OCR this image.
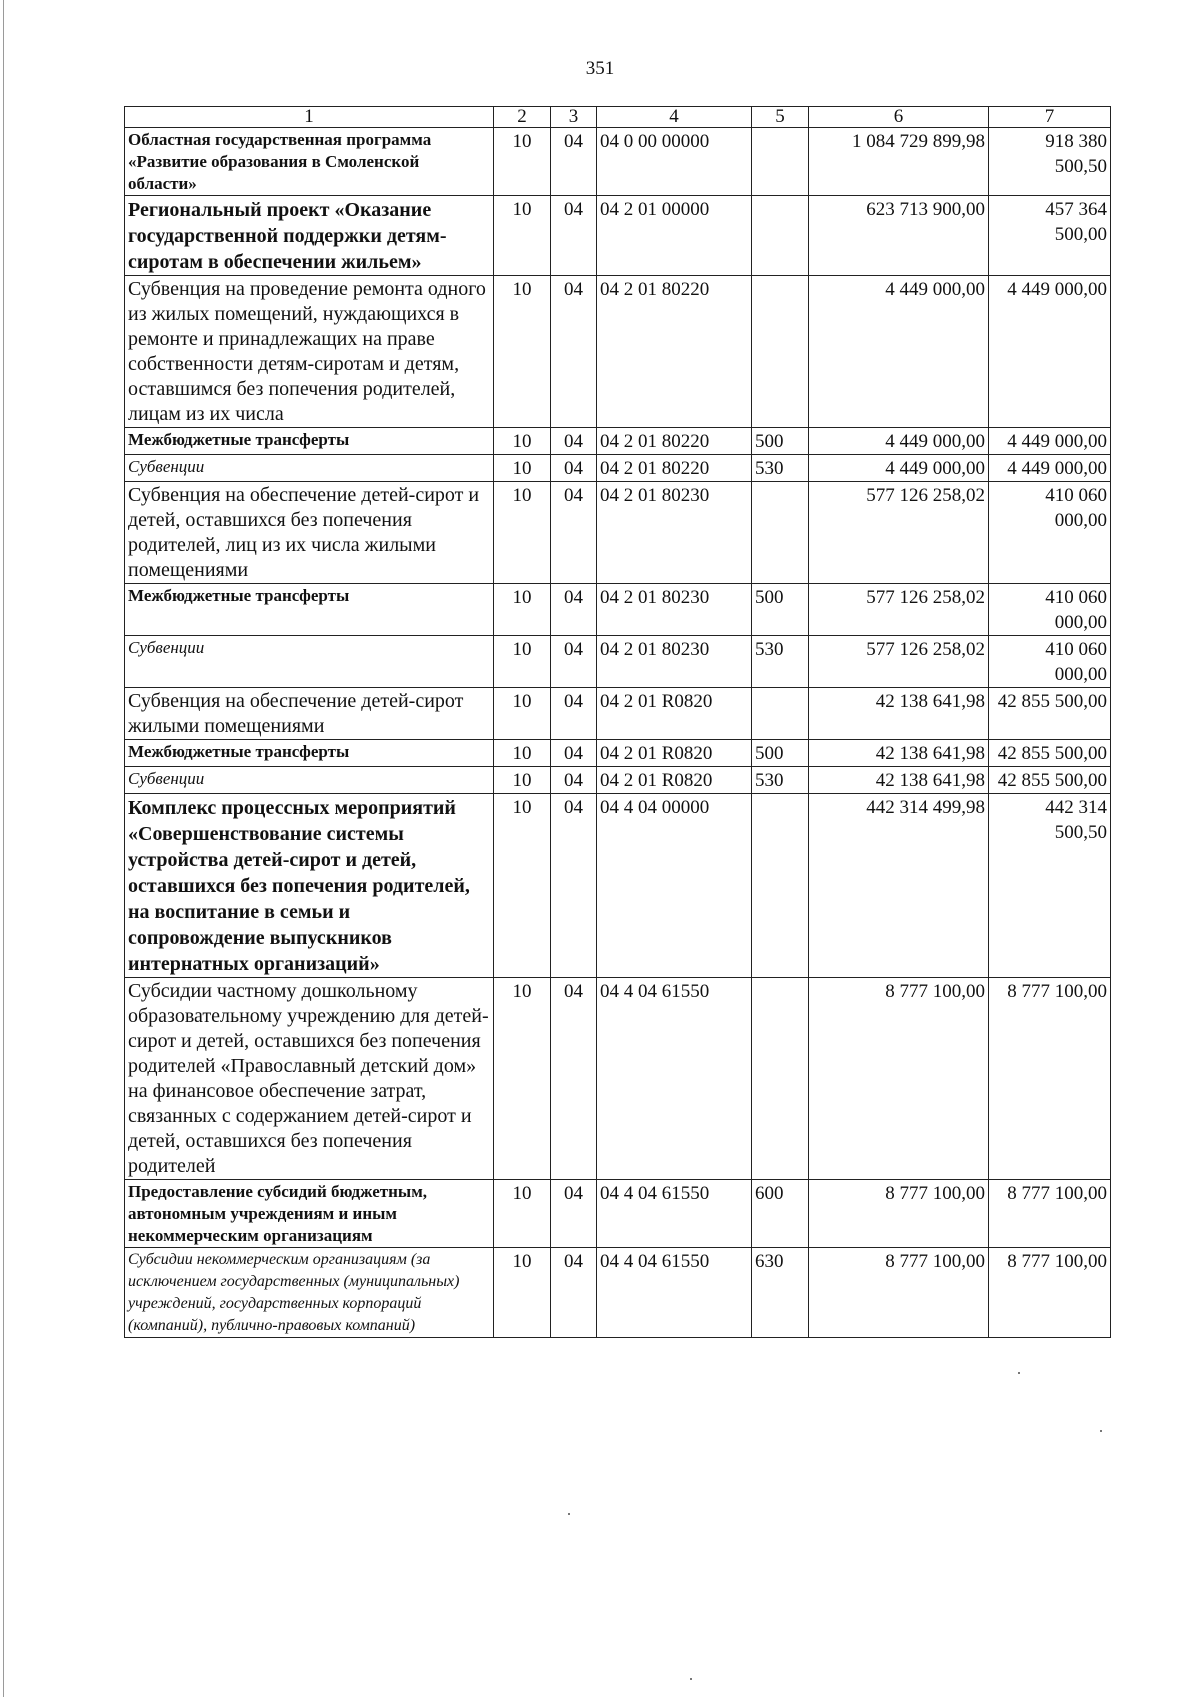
351
1	2	3	4	5	6	7
Областная государственная программа «Развитие образования в Смоленской области»	10	04	04 0 00 00000		1 084 729 899,98	918 380 500,50
Региональный проект «Оказание государственной поддержки детям-сиротам в обеспечении жильем»	10	04	04 2 01 00000		623 713 900,00	457 364 500,00
Субвенция на проведение ремонта одного из жилых помещений, нуждающихся в ремонте и принадлежащих на праве собственности детям-сиротам и детям, оставшимся без попечения родителей, лицам из их числа	10	04	04 2 01 80220		4 449 000,00	4 449 000,00
Межбюджетные трансферты	10	04	04 2 01 80220	500	4 449 000,00	4 449 000,00
Субвенции	10	04	04 2 01 80220	530	4 449 000,00	4 449 000,00
Субвенция на обеспечение детей-сирот и детей, оставшихся без попечения родителей, лиц из их числа жилыми помещениями	10	04	04 2 01 80230		577 126 258,02	410 060 000,00
Межбюджетные трансферты	10	04	04 2 01 80230	500	577 126 258,02	410 060 000,00
Субвенции	10	04	04 2 01 80230	530	577 126 258,02	410 060 000,00
Субвенция на обеспечение детей-сирот жилыми помещениями	10	04	04 2 01 R0820		42 138 641,98	42 855 500,00
Межбюджетные трансферты	10	04	04 2 01 R0820	500	42 138 641,98	42 855 500,00
Субвенции	10	04	04 2 01 R0820	530	42 138 641,98	42 855 500,00
Комплекс процессных мероприятий «Совершенствование системы устройства детей-сирот и детей, оставшихся без попечения родителей, на воспитание в семьи и сопровождение выпускников интернатных организаций»	10	04	04 4 04 00000		442 314 499,98	442 314 500,50
Субсидии частному дошкольному образовательному учреждению для детей-сирот и детей, оставшихся без попечения родителей «Православный детский дом» на финансовое обеспечение затрат, связанных с содержанием детей-сирот и детей, оставшихся без попечения родителей	10	04	04 4 04 61550		8 777 100,00	8 777 100,00
Предоставление субсидий бюджетным, автономным учреждениям и иным некоммерческим организациям	10	04	04 4 04 61550	600	8 777 100,00	8 777 100,00
Субсидии некоммерческим организациям (за исключением государственных (муниципальных) учреждений, государственных корпораций (компаний), публично-правовых компаний)	10	04	04 4 04 61550	630	8 777 100,00	8 777 100,00
